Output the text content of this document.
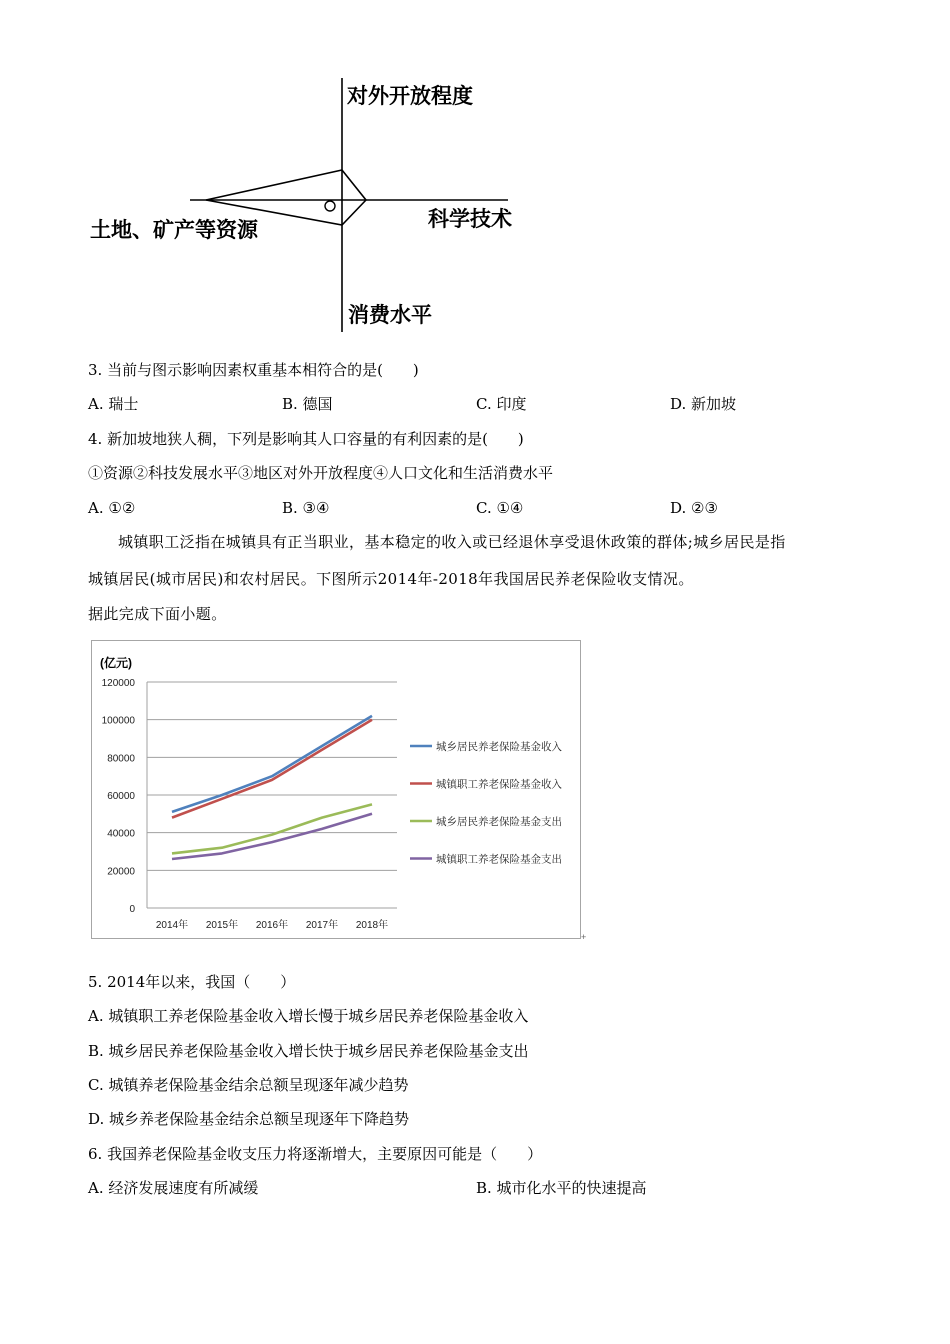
对外开放程度
科学技术
土地、矿产等资源
消费水平
3. 当前与图示影响因素权重基本相符合的是(　　)
A. 瑞士	B. 德国	C. 印度	D. 新加坡
4. 新加坡地狭人稠，下列是影响其人口容量的有利因素的是(　　)
①资源②科技发展水平③地区对外开放程度④人口文化和生活消费水平
A. ①②	B. ③④	C. ①④	D. ②③
城镇职工泛指在城镇具有正当职业，基本稳定的收入或已经退休享受退休政策的群体;城乡居民是指
城镇居民(城市居民)和农村居民。下图所示2014年-2018年我国居民养老保险收支情况。
据此完成下面小题。
(亿元)
0
20000
40000
60000
80000
100000
120000
2014年 2015年 2016年 2017年 2018年
城乡居民养老保险基金收入
城镇职工养老保险基金收入
城乡居民养老保险基金支出
城镇职工养老保险基金支出
+
5. 2014年以来，我国（　　）
A. 城镇职工养老保险基金收入增长慢于城乡居民养老保险基金收入
B. 城乡居民养老保险基金收入增长快于城乡居民养老保险基金支出
C. 城镇养老保险基金结余总额呈现逐年减少趋势
D. 城乡养老保险基金结余总额呈现逐年下降趋势
6. 我国养老保险基金收支压力将逐渐增大，主要原因可能是（　　）
A. 经济发展速度有所减缓	B. 城市化水平的快速提高
